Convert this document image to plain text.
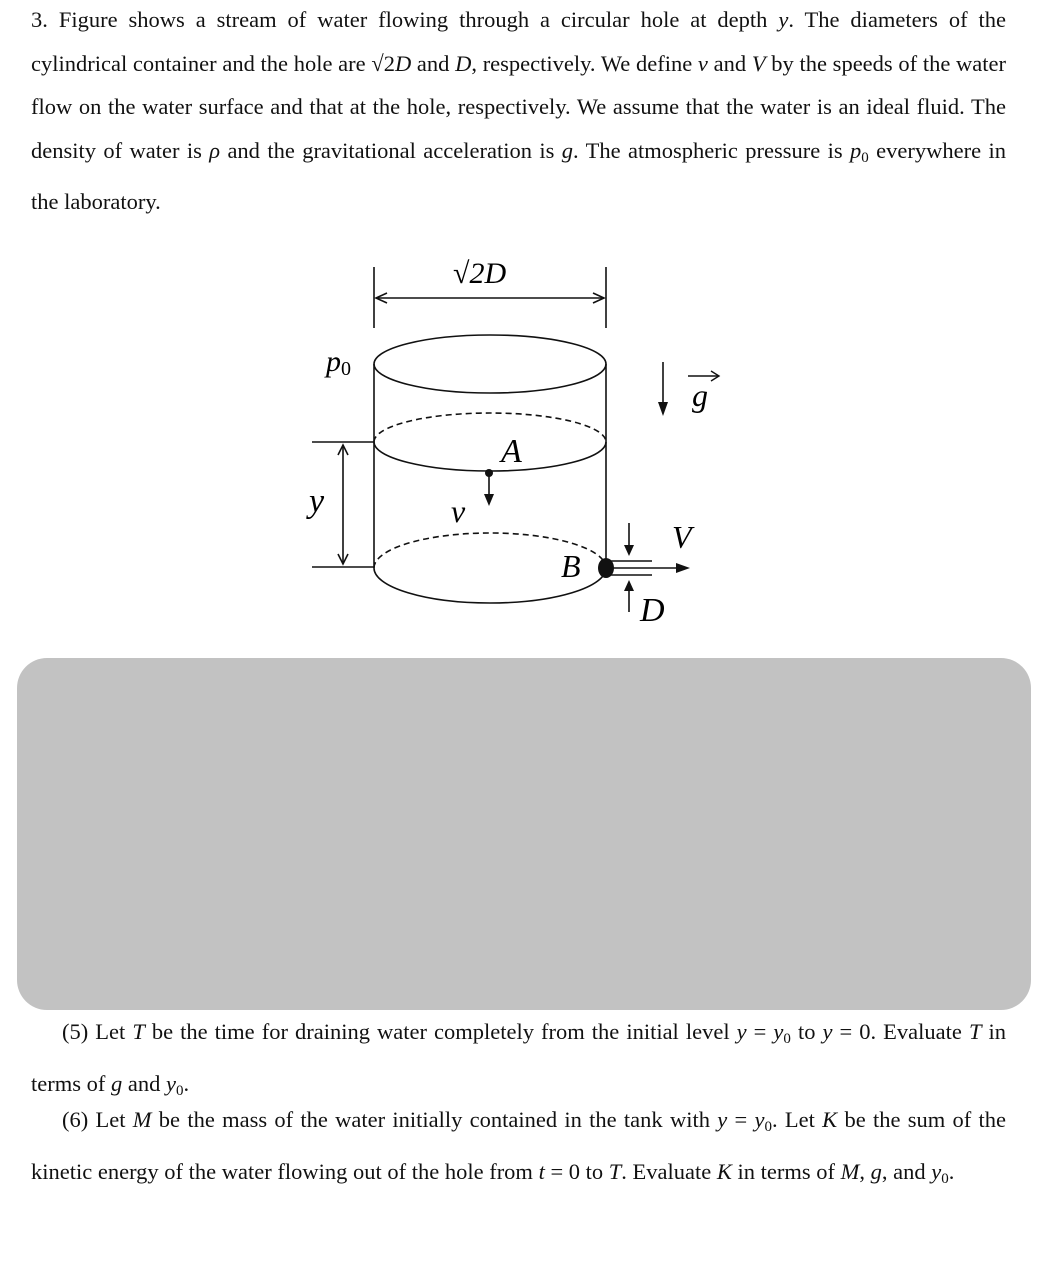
3. Figure shows a stream of water flowing through a circular hole at depth y. The diameters of the cylindrical container and the hole are √2D and D, respectively. We define v and V by the speeds of the water flow on the water surface and that at the hole, respectively. We assume that the water is an ideal fluid. The density of water is ρ and the gravitational acceleration is g. The atmospheric pressure is $p_0$ everywhere in the laboratory.
√2D
p0
g
A
v
y
B
V
D
(5) Let T be the time for draining water completely from the initial level $y = y_0$ to y = 0. Evaluate T in terms of g and $y_0$.
(6) Let M be the mass of the water initially contained in the tank with $y = y_0$. Let K be the sum of the kinetic energy of the water flowing out of the hole from t = 0 to T. Evaluate K in terms of M, g, and $y_0$.
